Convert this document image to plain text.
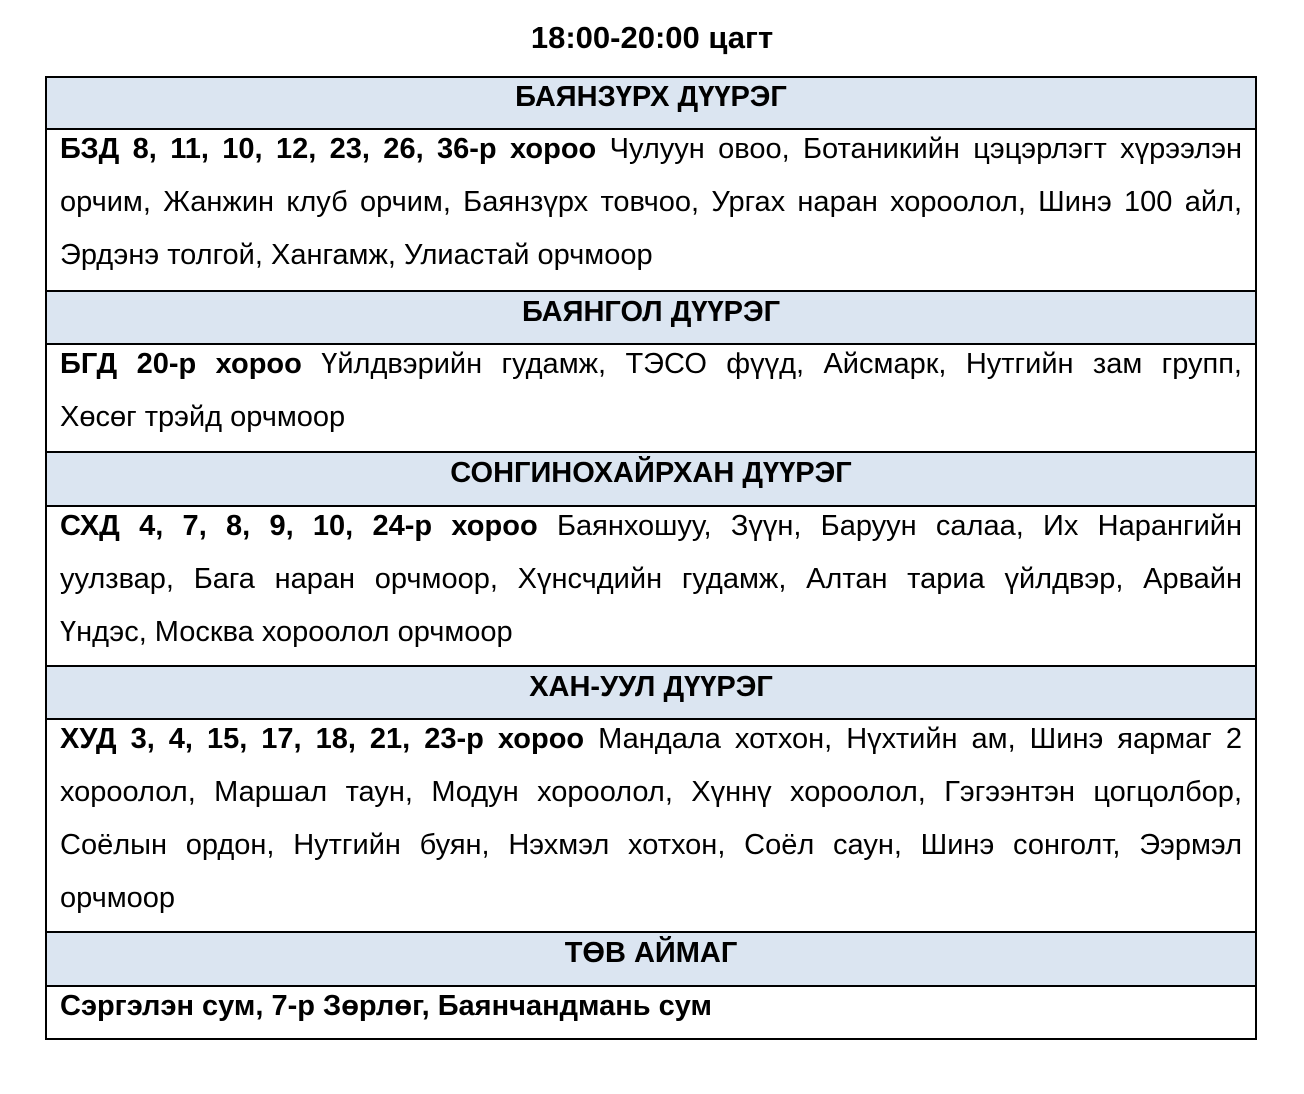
18:00-20:00 цагт
БАЯНЗҮРХ ДҮҮРЭГ
БЗД 8, 11, 10, 12, 23, 26, 36-р хороо Чулуун овоо, Ботаникийн цэцэрлэгт хүрээлэн
орчим, Жанжин клуб орчим, Баянзүрх товчоо, Ургах наран хороолол, Шинэ 100 айл,
Эрдэнэ толгой, Хангамж, Улиастай орчмоор
БАЯНГОЛ ДҮҮРЭГ
БГД 20-р хороо Үйлдвэрийн гудамж, ТЭСО фүүд, Айсмарк, Нутгийн зам групп,
Хөсөг трэйд орчмоор
СОНГИНОХАЙРХАН ДҮҮРЭГ
СХД 4, 7, 8, 9, 10, 24-р хороо Баянхошуу, Зүүн, Баруун салаа, Их Нарангийн
уулзвар, Бага наран орчмоор, Хүнсчдийн гудамж, Алтан тариа үйлдвэр, Арвайн
Үндэс, Москва хороолол орчмоор
ХАН-УУЛ ДҮҮРЭГ
ХУД 3, 4, 15, 17, 18, 21, 23-р хороо Мандала хотхон, Нүхтийн ам, Шинэ яармаг 2
хороолол, Маршал таун, Модун хороолол, Хүннү хороолол, Гэгээнтэн цогцолбор,
Соёлын ордон, Нутгийн буян, Нэхмэл хотхон, Соёл саун, Шинэ сонголт, Ээрмэл
орчмоор
ТӨВ АЙМАГ
Сэргэлэн сум, 7-р Зөрлөг, Баянчандмань сум
